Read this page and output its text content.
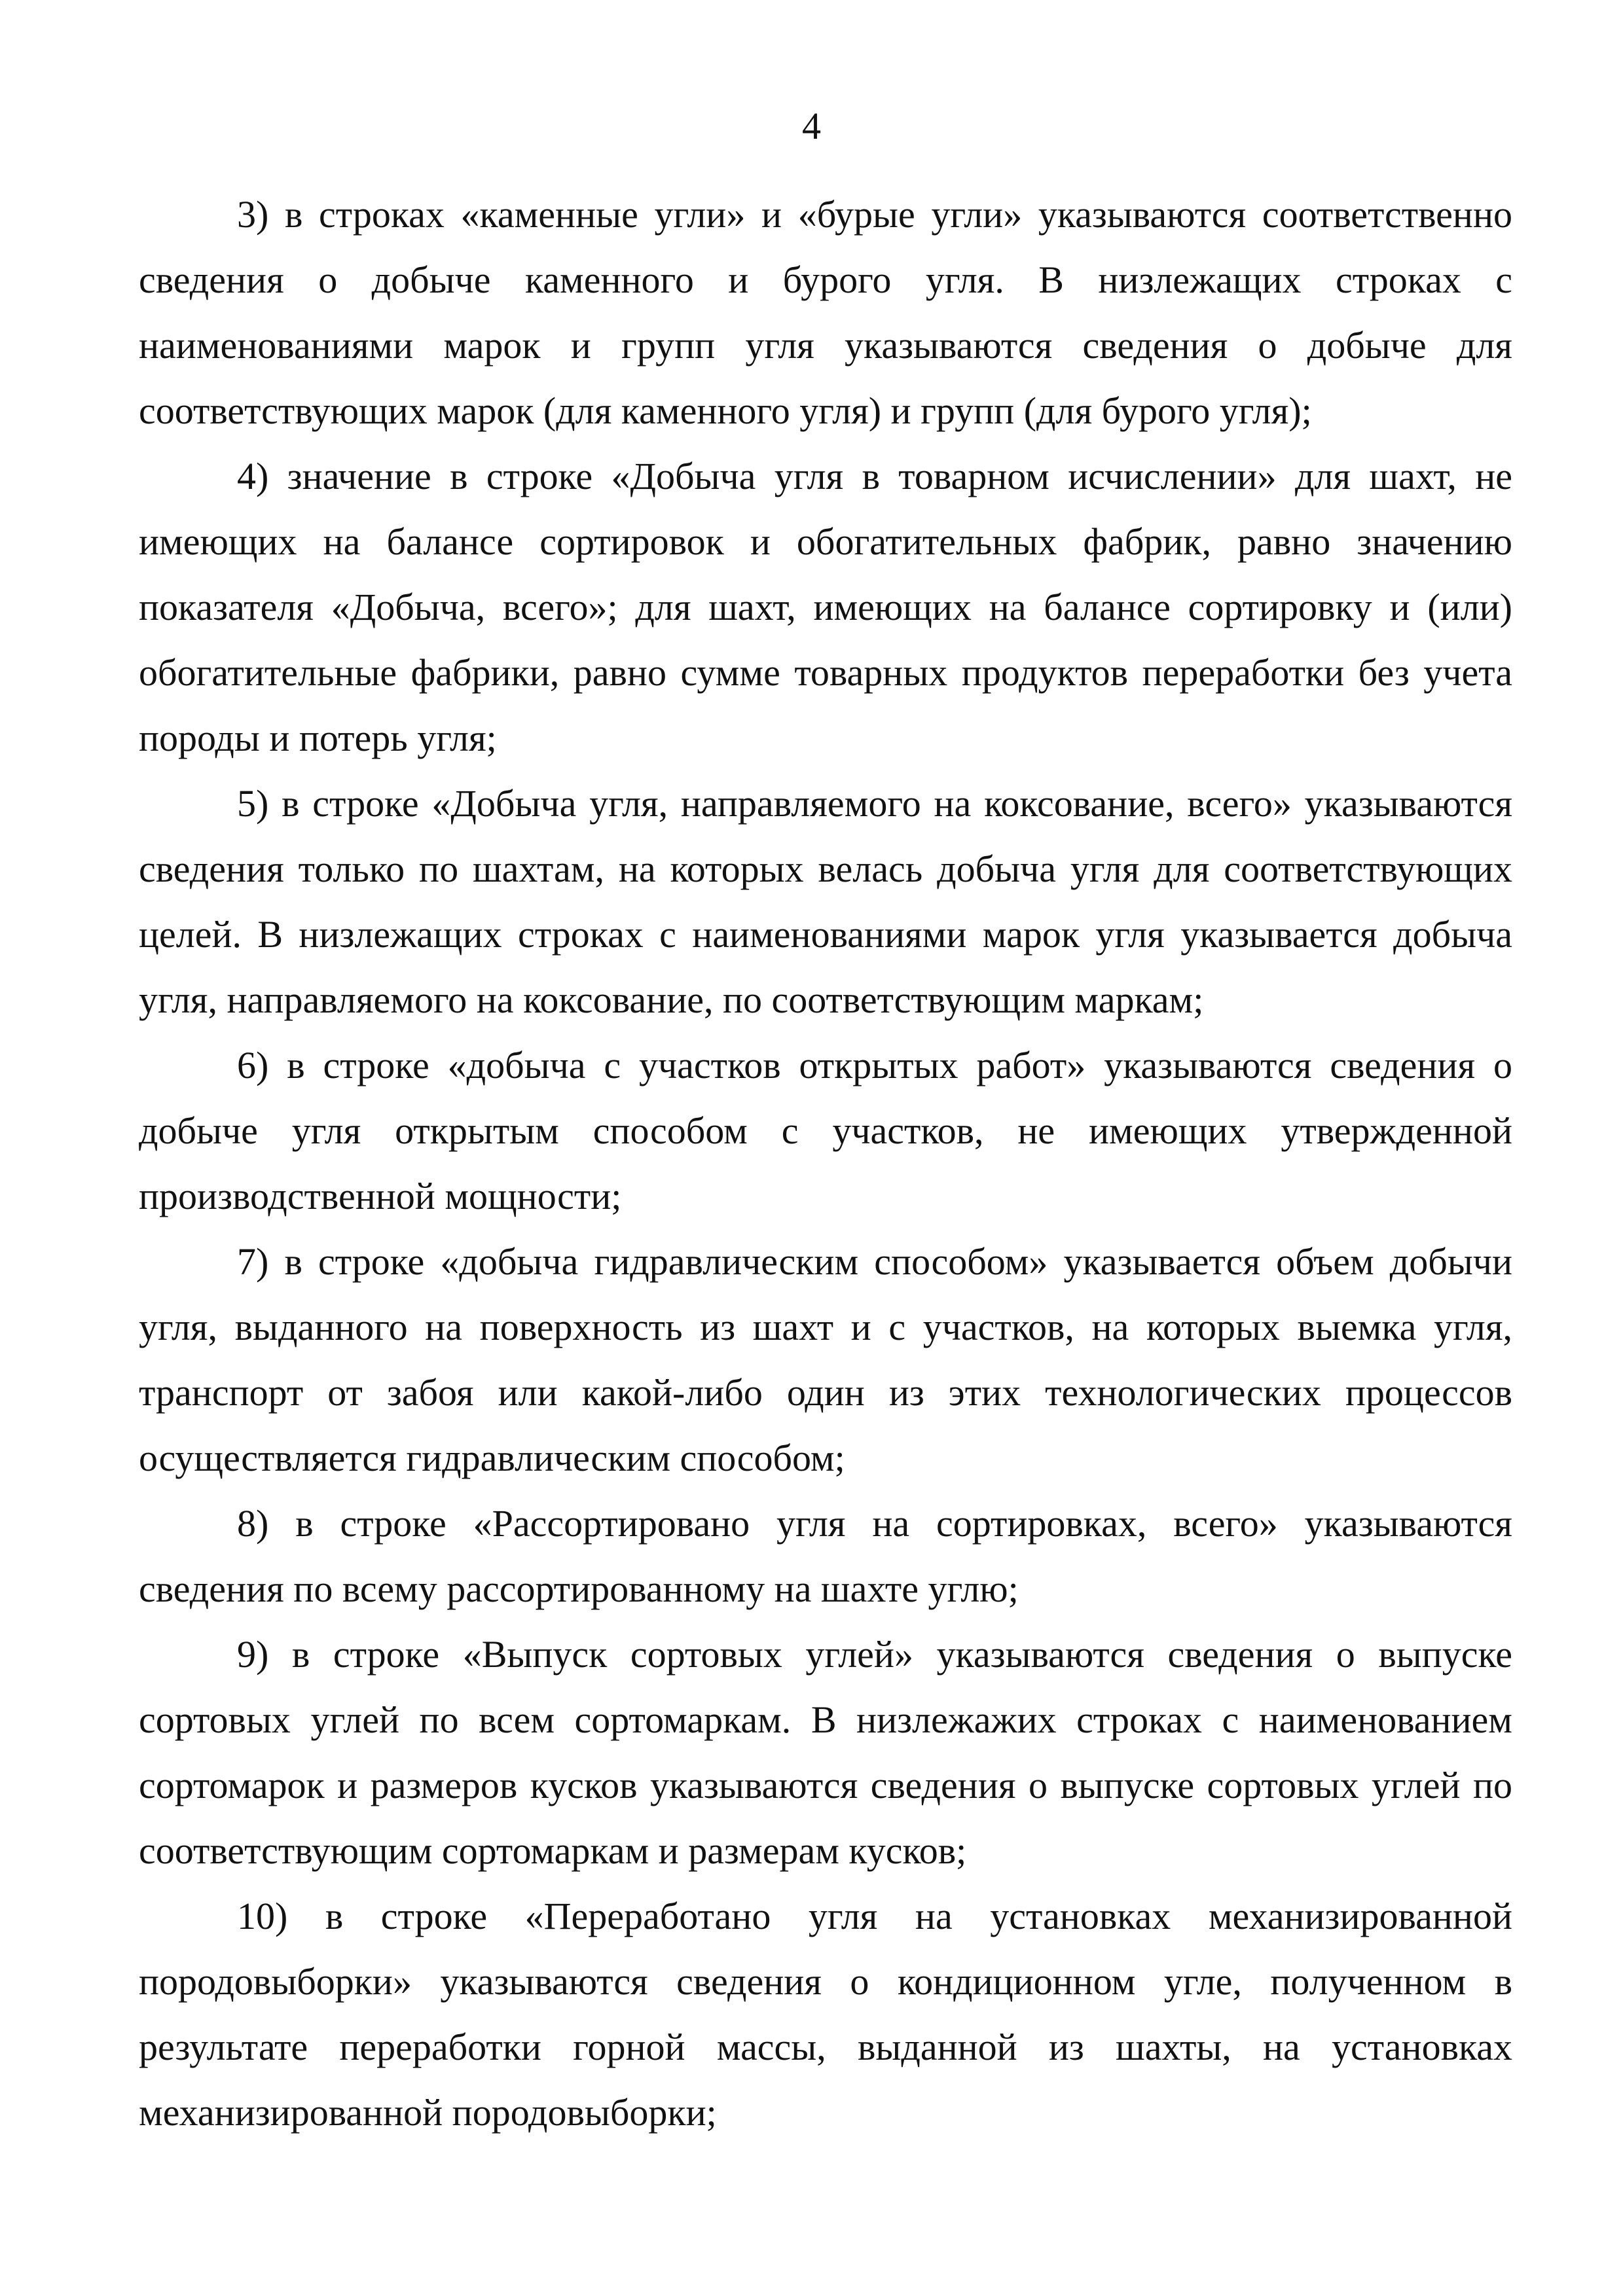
4

3) в строках «каменные угли» и «бурые угли» указываются соответственно сведения о добыче каменного и бурого угля. В низлежащих строках с наименованиями марок и групп угля указываются сведения о добыче для соответствующих марок (для каменного угля) и групп (для бурого угля);

4) значение в строке «Добыча угля в товарном исчислении» для шахт, не имеющих на балансе сортировок и обогатительных фабрик, равно значению показателя «Добыча, всего»; для шахт, имеющих на балансе сортировку и (или) обогатительные фабрики, равно сумме товарных продуктов переработки без учета породы и потерь угля;

5) в строке «Добыча угля, направляемого на коксование, всего» указываются сведения только по шахтам, на которых велась добыча угля для соответствующих целей. В низлежащих строках с наименованиями марок угля указывается добыча угля, направляемого на коксование, по соответствующим маркам;

6) в строке «добыча с участков открытых работ» указываются сведения о добыче угля открытым способом с участков, не имеющих утвержденной производственной мощности;

7) в строке «добыча гидравлическим способом» указывается объем добычи угля, выданного на поверхность из шахт и с участков, на которых выемка угля, транспорт от забоя или какой-либо один из этих технологических процессов осуществляется гидравлическим способом;

8) в строке «Рассортировано угля на сортировках, всего» указываются сведения по всему рассортированному на шахте углю;

9) в строке «Выпуск сортовых углей» указываются сведения о выпуске сортовых углей по всем сортомаркам. В низлежажих строках с наименованием сортомарок и размеров кусков указываются сведения о выпуске сортовых углей по соответствующим сортомаркам и размерам кусков;

10) в строке «Переработано угля на установках механизированной породовыборки» указываются сведения о кондиционном угле, полученном в результате переработки горной массы, выданной из шахты, на установках механизированной породовыборки;
